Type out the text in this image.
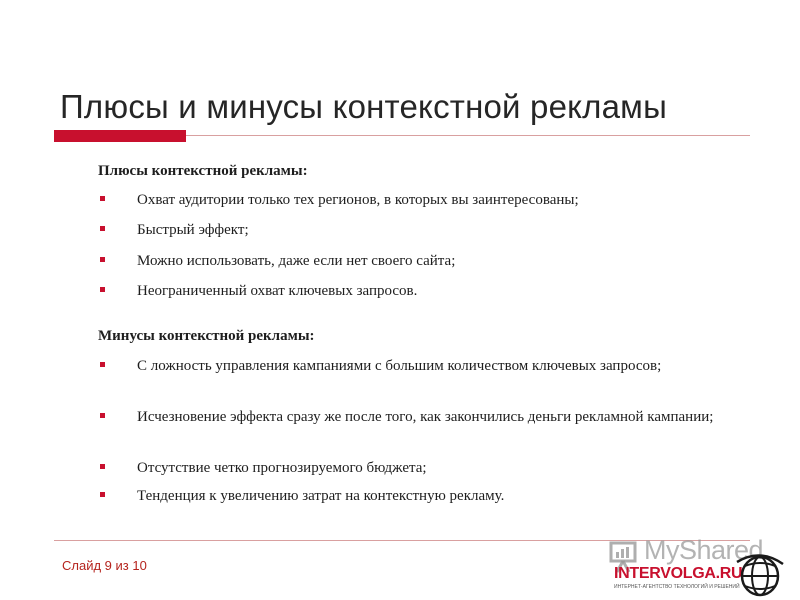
Плюсы и минусы контекстной рекламы
Плюсы контекстной рекламы:
Охват аудитории только тех регионов, в которых вы заинтересованы;
Быстрый эффект;
Можно использовать, даже если нет своего сайта;
Неограниченный охват ключевых запросов.
Минусы контекстной рекламы:
С ложность управления кампаниями с большим количеством ключевых запросов;
Исчезновение эффекта сразу же после того, как закончились деньги рекламной кампании;
Отсутствие четко прогнозируемого бюджета;
Тенденция к увеличению затрат на контекстную рекламу.
Слайд 9 из 10
MyShared
INTERVOLGA.RU
ИНТЕРНЕТ-АГЕНТСТВО ТЕХНОЛОГИЙ И РЕШЕНИЙ
